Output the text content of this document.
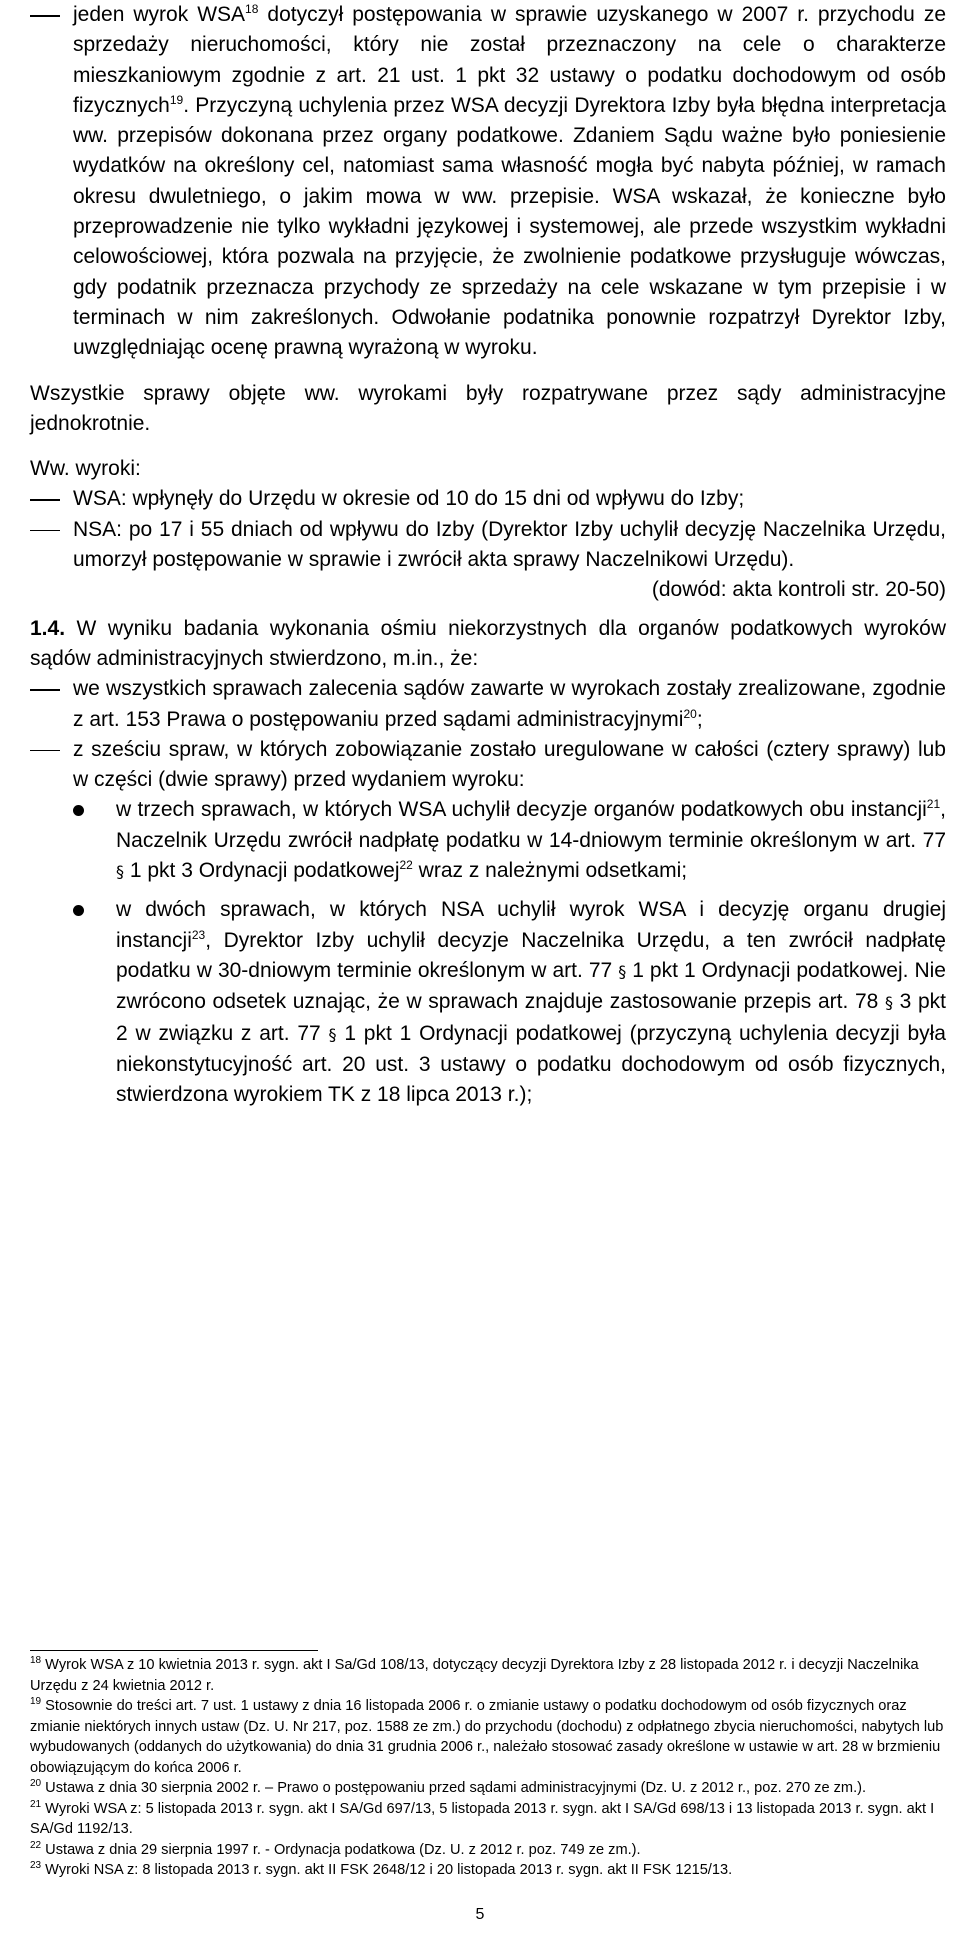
jeden wyrok WSA$^{18}$ dotyczył postępowania w sprawie uzyskanego w 2007 r. przychodu ze sprzedaży nieruchomości, który nie został przeznaczony na cele o charakterze mieszkaniowym zgodnie z art. 21 ust. 1 pkt 32 ustawy o podatku dochodowym od osób fizycznych$^{19}$. Przyczyną uchylenia przez WSA decyzji Dyrektora Izby była błędna interpretacja ww. przepisów dokonana przez organy podatkowe. Zdaniem Sądu ważne było poniesienie wydatków na określony cel, natomiast sama własność mogła być nabyta później, w ramach okresu dwuletniego, o jakim mowa w ww. przepisie. WSA wskazał, że konieczne było przeprowadzenie nie tylko wykładni językowej i systemowej, ale przede wszystkim wykładni celowościowej, która pozwala na przyjęcie, że zwolnienie podatkowe przysługuje wówczas, gdy podatnik przeznacza przychody ze sprzedaży na cele wskazane w tym przepisie i w terminach w nim zakreślonych. Odwołanie podatnika ponownie rozpatrzył Dyrektor Izby, uwzględniając ocenę prawną wyrażoną w wyroku.

Wszystkie sprawy objęte ww. wyrokami były rozpatrywane przez sądy administracyjne jednokrotnie.

Ww. wyroki:

WSA: wpłynęły do Urzędu w okresie od 10 do 15 dni od wpływu do Izby;

NSA: po 17 i 55 dniach od wpływu do Izby (Dyrektor Izby uchylił decyzję Naczelnika Urzędu, umorzył postępowanie w sprawie i zwrócił akta sprawy Naczelnikowi Urzędu).

(dowód: akta kontroli str. 20-50)

1.4. W wyniku badania wykonania ośmiu niekorzystnych dla organów podatkowych wyroków sądów administracyjnych stwierdzono, m.in., że:

we wszystkich sprawach zalecenia sądów zawarte w wyrokach zostały zrealizowane, zgodnie z art. 153 Prawa o postępowaniu przed sądami administracyjnymi$^{20}$;

z sześciu spraw, w których zobowiązanie zostało uregulowane w całości (cztery sprawy) lub w części (dwie sprawy) przed wydaniem wyroku:

w trzech sprawach, w których WSA uchylił decyzje organów podatkowych obu instancji$^{21}$, Naczelnik Urzędu zwrócił nadpłatę podatku w 14-dniowym terminie określonym w art. 77 § 1 pkt 3 Ordynacji podatkowej$^{22}$ wraz z należnymi odsetkami;

w dwóch sprawach, w których NSA uchylił wyrok WSA i decyzję organu drugiej instancji$^{23}$, Dyrektor Izby uchylił decyzje Naczelnika Urzędu, a ten zwrócił nadpłatę podatku w 30-dniowym terminie określonym w art. 77 § 1 pkt 1 Ordynacji podatkowej. Nie zwrócono odsetek uznając, że w sprawach znajduje zastosowanie przepis art. 78 § 3 pkt 2 w związku z art. 77 § 1 pkt 1 Ordynacji podatkowej (przyczyną uchylenia decyzji była niekonstytucyjność art. 20 ust. 3 ustawy o podatku dochodowym od osób fizycznych, stwierdzona wyrokiem TK z 18 lipca 2013 r.);

$^{18}$ Wyrok WSA z 10 kwietnia 2013 r. sygn. akt I Sa/Gd 108/13, dotyczący decyzji Dyrektora Izby z 28 listopada 2012 r. i decyzji Naczelnika Urzędu z 24 kwietnia 2012 r.

$^{19}$ Stosownie do treści art. 7 ust. 1 ustawy z dnia 16 listopada 2006 r. o zmianie ustawy o podatku dochodowym od osób fizycznych oraz zmianie niektórych innych ustaw (Dz. U. Nr 217, poz. 1588 ze zm.) do przychodu (dochodu) z odpłatnego zbycia nieruchomości, nabytych lub wybudowanych (oddanych do użytkowania) do dnia 31 grudnia 2006 r., należało stosować zasady określone w ustawie w art. 28 w brzmieniu obowiązującym do końca 2006 r.

$^{20}$ Ustawa z dnia 30 sierpnia 2002 r. – Prawo o postępowaniu przed sądami administracyjnymi (Dz. U. z 2012 r., poz. 270 ze zm.).

$^{21}$ Wyroki WSA z: 5 listopada 2013 r. sygn. akt I SA/Gd 697/13, 5 listopada 2013 r. sygn. akt I SA/Gd 698/13 i 13 listopada 2013 r. sygn. akt I SA/Gd 1192/13.

$^{22}$ Ustawa z dnia 29 sierpnia 1997 r. - Ordynacja podatkowa (Dz. U. z 2012 r. poz. 749 ze zm.).

$^{23}$ Wyroki NSA z: 8 listopada 2013 r. sygn. akt II FSK 2648/12 i 20 listopada 2013 r. sygn. akt II FSK 1215/13.

5
